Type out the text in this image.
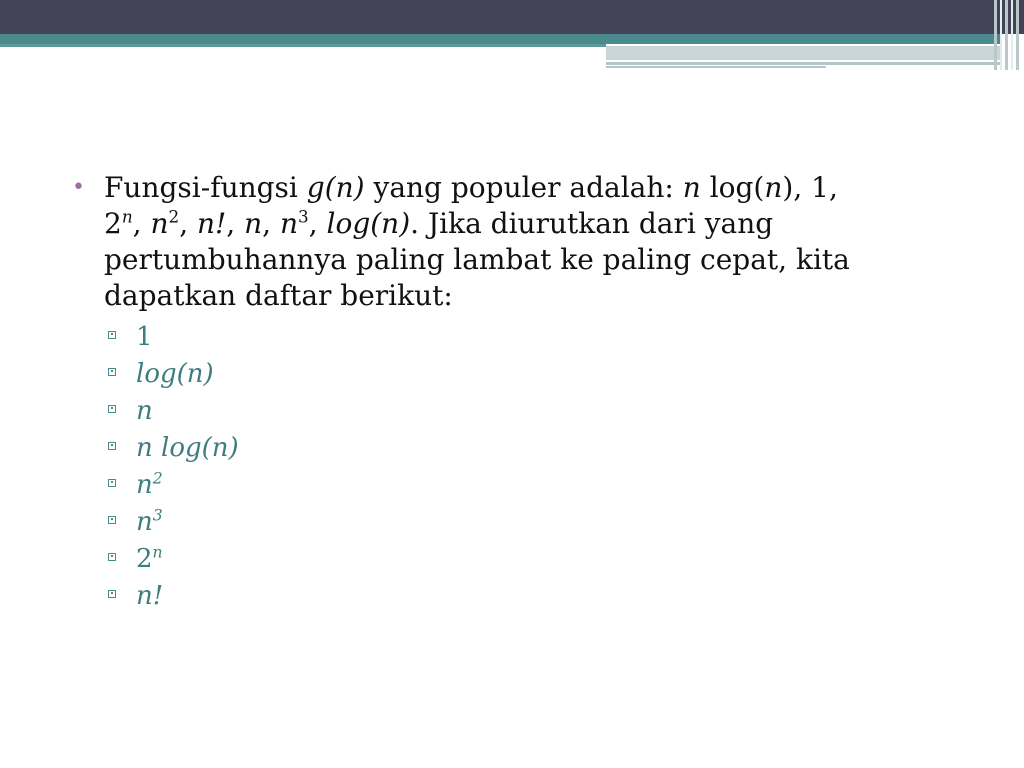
• Fungsi-fungsi g(n) yang populer adalah: n log(n), 1,
2$^n$, $n^2$, n!, n, $n^3$, log(n). Jika diurutkan dari yang pertumbuhannya paling lambat ke paling cepat, kita dapatkan daftar berikut:
1
log(n)
n
n log(n)
$n^2$
$n^3$
2$^n$
n!
